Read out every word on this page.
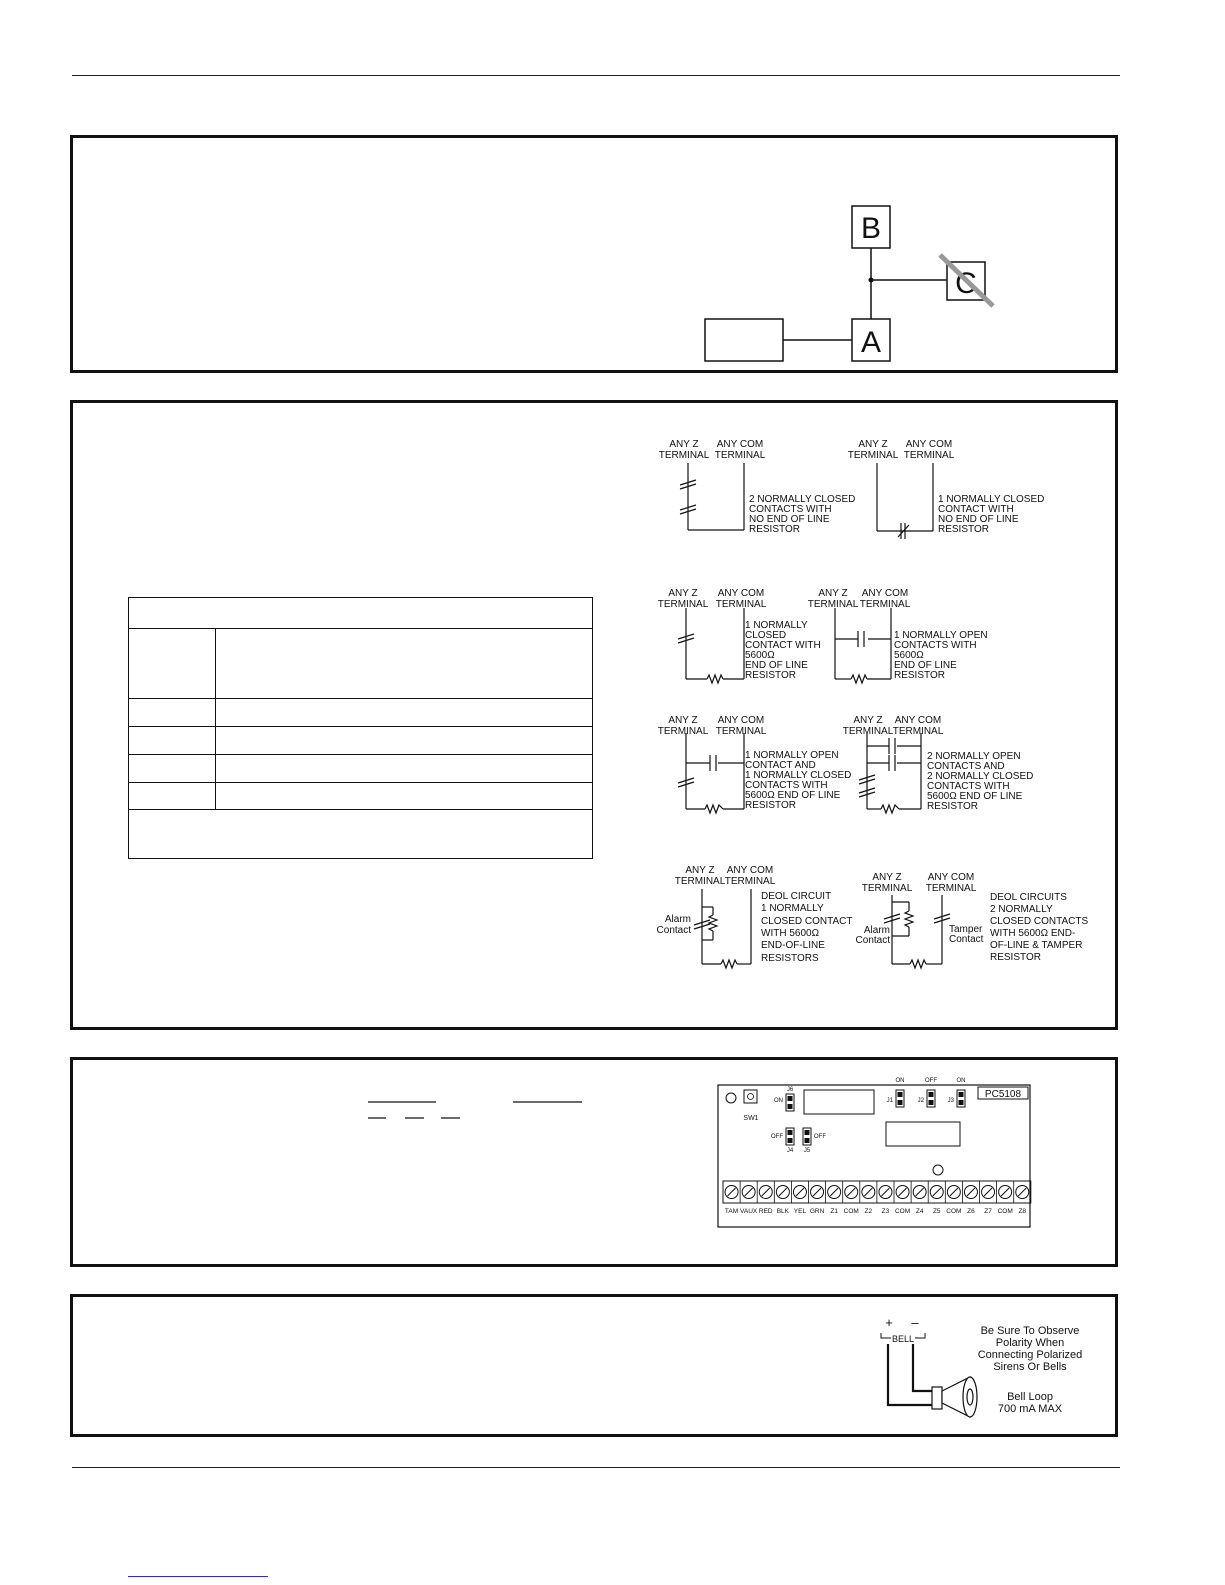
A
B
C
ANY Z
TERMINAL
ANY COM
TERMINAL
2 NORMALLY CLOSED
CONTACTS WITH
NO END OF LINE
RESISTOR
ANY Z
TERMINAL
ANY COM
TERMINAL
1 NORMALLY CLOSED
CONTACT WITH
NO END OF LINE
RESISTOR
ANY Z
TERMINAL
ANY COM
TERMINAL
1 NORMALLY
CLOSED
CONTACT WITH
5600Ω
END OF LINE
RESISTOR
ANY Z
TERMINAL
ANY COM
TERMINAL
1 NORMALLY OPEN
CONTACTS WITH
5600Ω
END OF LINE
RESISTOR
ANY Z
TERMINAL
ANY COM
TERMINAL
1 NORMALLY OPEN
CONTACT AND
1 NORMALLY CLOSED
CONTACTS WITH
5600Ω END OF LINE
RESISTOR
ANY Z
TERMINAL
ANY COM
TERMINAL
2 NORMALLY OPEN
CONTACTS AND
2 NORMALLY CLOSED
CONTACTS WITH
5600Ω END OF LINE
RESISTOR
ANY Z
TERMINAL
ANY COM
TERMINAL
Alarm
Contact
DEOL CIRCUIT
1 NORMALLY
CLOSED CONTACT
WITH 5600Ω
END-OF-LINE
RESISTORS
ANY Z
TERMINAL
ANY COM
TERMINAL
Alarm
Contact
Tamper
Contact
DEOL CIRCUITS
2 NORMALLY
CLOSED CONTACTS
WITH 5600Ω END-
OF-LINE & TAMPER
RESISTOR
SW1
PC5108
J6
ON
OFF
J4
OFF
J5
ON
J1
OFF
J2
ON
J3
TAM VAUX RED BLK YEL GRN Z1 COM Z2 Z3 COM Z4 Z5 COM Z6 Z7 COM Z8
+ –
BELL
Be Sure To Observe
Polarity When
Connecting Polarized
Sirens Or Bells
Bell Loop
700 mA MAX
